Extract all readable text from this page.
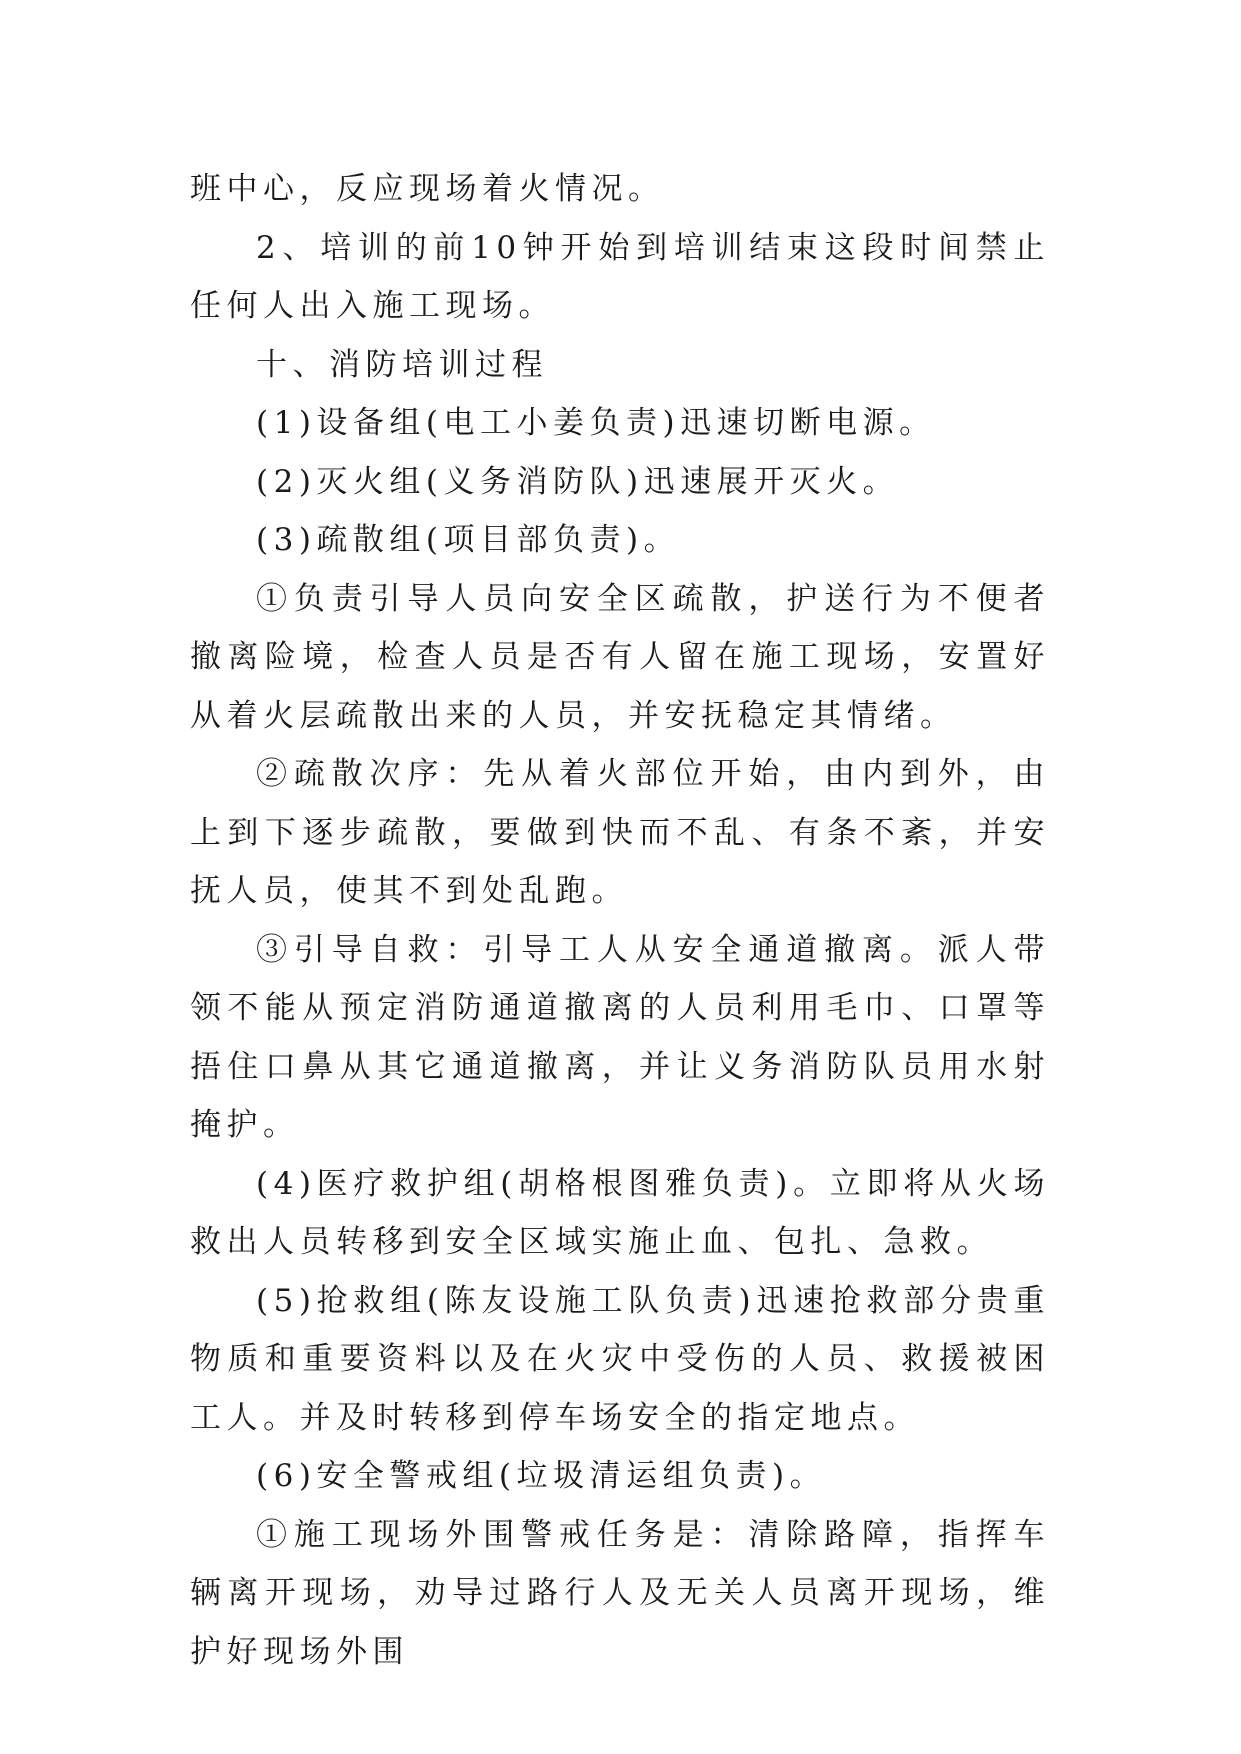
班中心，反应现场着火情况。

2、培训的前10钟开始到培训结束这段时间禁止任何人出入施工现场。

十、消防培训过程

(1)设备组(电工小姜负责)迅速切断电源。

(2)灭火组(义务消防队)迅速展开灭火。

(3)疏散组(项目部负责)。

①负责引导人员向安全区疏散，护送行为不便者撤离险境，检查人员是否有人留在施工现场，安置好从着火层疏散出来的人员，并安抚稳定其情绪。

②疏散次序：先从着火部位开始，由内到外，由上到下逐步疏散，要做到快而不乱、有条不紊，并安抚人员，使其不到处乱跑。

③引导自救：引导工人从安全通道撤离。派人带领不能从预定消防通道撤离的人员利用毛巾、口罩等捂住口鼻从其它通道撤离，并让义务消防队员用水射掩护。

(4)医疗救护组(胡格根图雅负责)。立即将从火场救出人员转移到安全区域实施止血、包扎、急救。

(5)抢救组(陈友设施工队负责)迅速抢救部分贵重物质和重要资料以及在火灾中受伤的人员、救援被困工人。并及时转移到停车场安全的指定地点。

(6)安全警戒组(垃圾清运组负责)。

①施工现场外围警戒任务是：清除路障，指挥车辆离开现场，劝导过路行人及无关人员离开现场，维护好现场外围
